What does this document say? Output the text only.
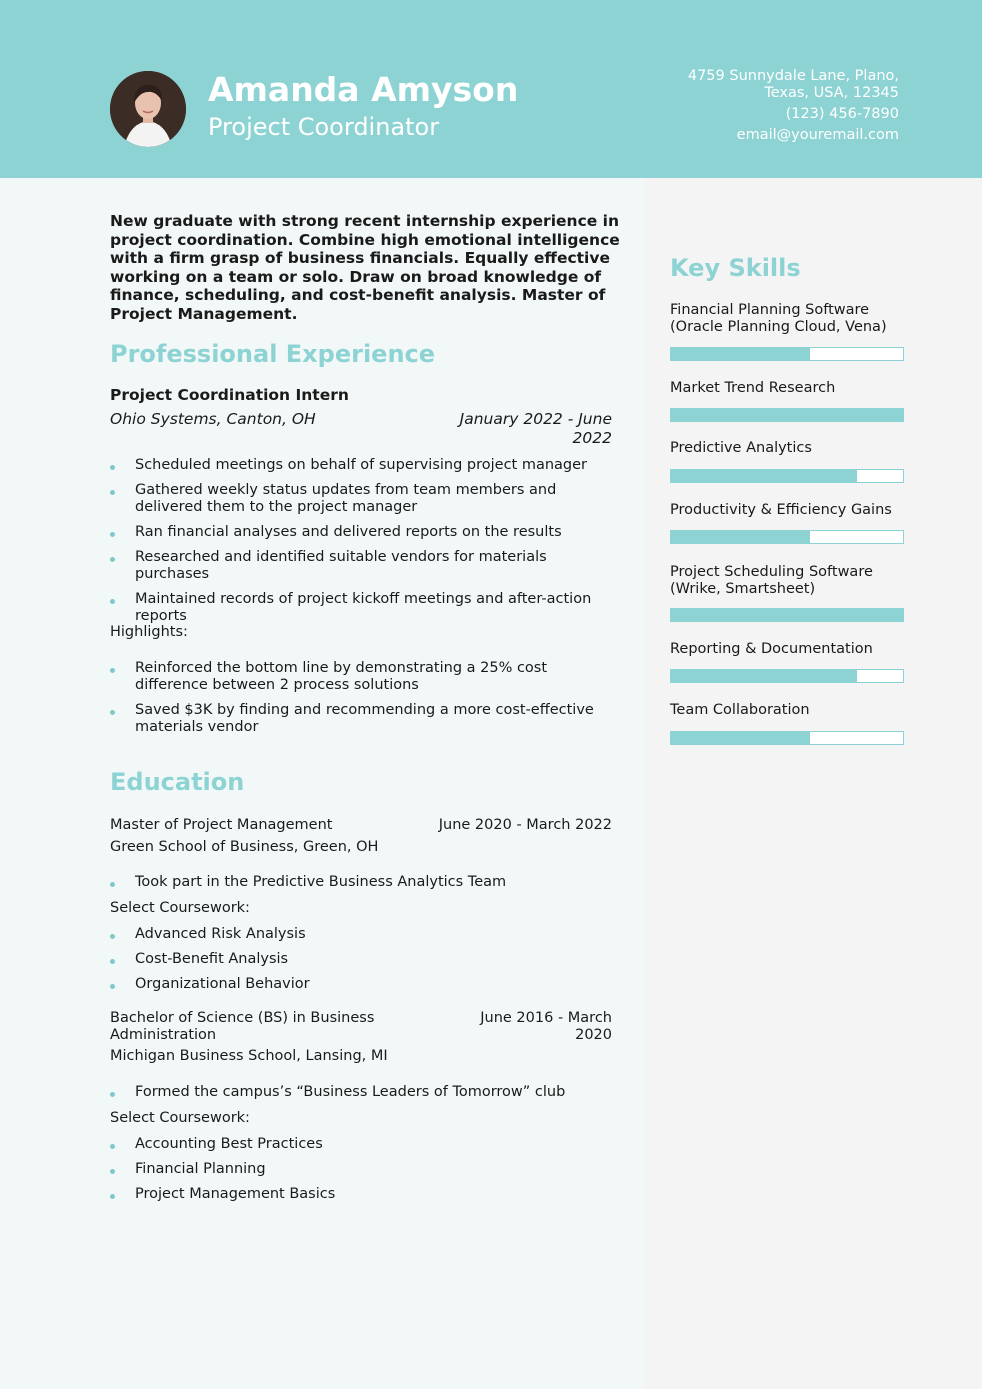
Amanda Amyson
Project Coordinator
4759 Sunnydale Lane, Plano,
Texas, USA, 12345
(123) 456-7890
email@youremail.com
New graduate with strong recent internship experience in project coordination. Combine high emotional intelligence with a firm grasp of business financials. Equally effective working on a team or solo. Draw on broad knowledge of finance, scheduling, and cost-benefit analysis. Master of Project Management.
Professional Experience
Project Coordination Intern
Ohio Systems, Canton, OH	January 2022 - June
2022
Scheduled meetings on behalf of supervising project manager
Gathered weekly status updates from team members and delivered them to the project manager
Ran financial analyses and delivered reports on the results
Researched and identified suitable vendors for materials purchases
Maintained records of project kickoff meetings and after-action reports
Highlights:
Reinforced the bottom line by demonstrating a 25% cost difference between 2 process solutions
Saved $3K by finding and recommending a more cost-effective materials vendor
Education
Master of Project Management	June 2020 - March 2022
Green School of Business, Green, OH
Took part in the Predictive Business Analytics Team
Select Coursework:
Advanced Risk Analysis
Cost-Benefit Analysis
Organizational Behavior
Bachelor of Science (BS) in Business Administration
June 2016 - March
2020
Michigan Business School, Lansing, MI
Formed the campus’s “Business Leaders of Tomorrow” club
Select Coursework:
Accounting Best Practices
Financial Planning
Project Management Basics
Key Skills
Financial Planning Software (Oracle Planning Cloud, Vena)
Market Trend Research
Predictive Analytics
Productivity & Efficiency Gains
Project Scheduling Software (Wrike, Smartsheet)
Reporting & Documentation
Team Collaboration
